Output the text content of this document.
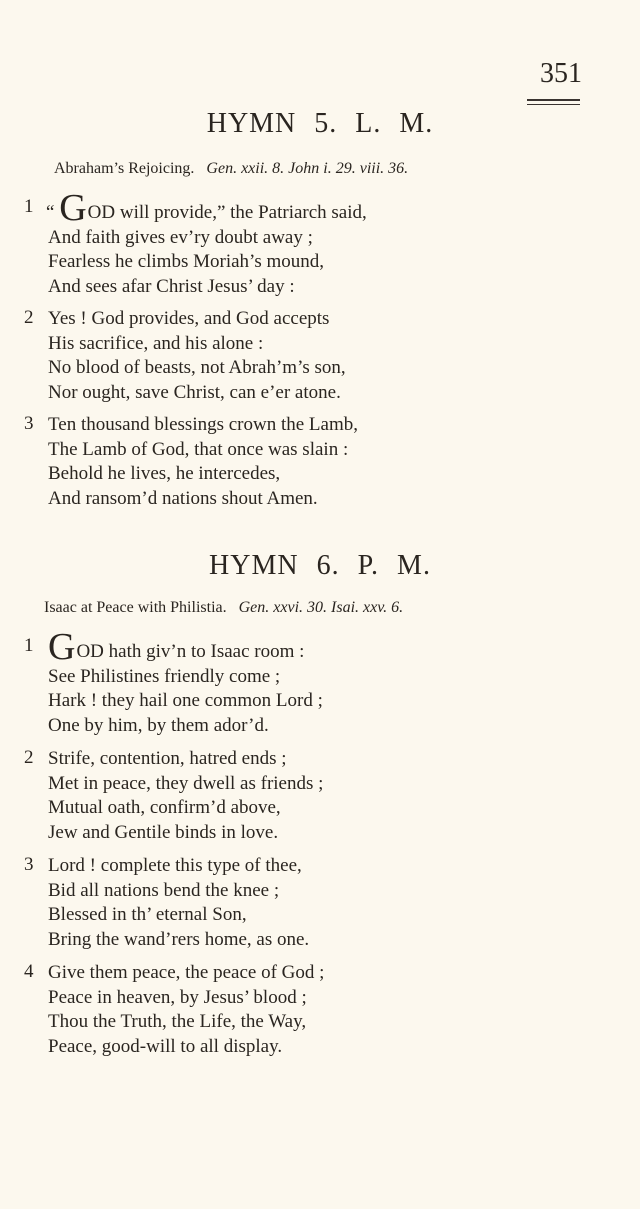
351
HYMN 5. L. M.

Abraham’s Rejoicing. Gen. xxii. 8. John i. 29. viii. 36.

1 “ GOD will provide,” the Patriarch said,
And faith gives ev’ry doubt away ;
Fearless he climbs Moriah’s mound,
And sees afar Christ Jesus’ day :
2 Yes ! God provides, and God accepts
His sacrifice, and his alone :
No blood of beasts, not Abrah’m’s son,
Nor ought, save Christ, can e’er atone.
3 Ten thousand blessings crown the Lamb,
The Lamb of God, that once was slain :
Behold he lives, he intercedes,
And ransom’d nations shout Amen.
HYMN 6. P. M.

Isaac at Peace with Philistia. Gen. xxvi. 30. Isai. xxv. 6.

1 GOD hath giv’n to Isaac room :
See Philistines friendly come ;
Hark ! they hail one common Lord ;
One by him, by them ador’d.
2 Strife, contention, hatred ends ;
Met in peace, they dwell as friends ;
Mutual oath, confirm’d above,
Jew and Gentile binds in love.
3 Lord ! complete this type of thee,
Bid all nations bend the knee ;
Blessed in th’ eternal Son,
Bring the wand’rers home, as one.
4 Give them peace, the peace of God ;
Peace in heaven, by Jesus’ blood ;
Thou the Truth, the Life, the Way,
Peace, good-will to all display.
